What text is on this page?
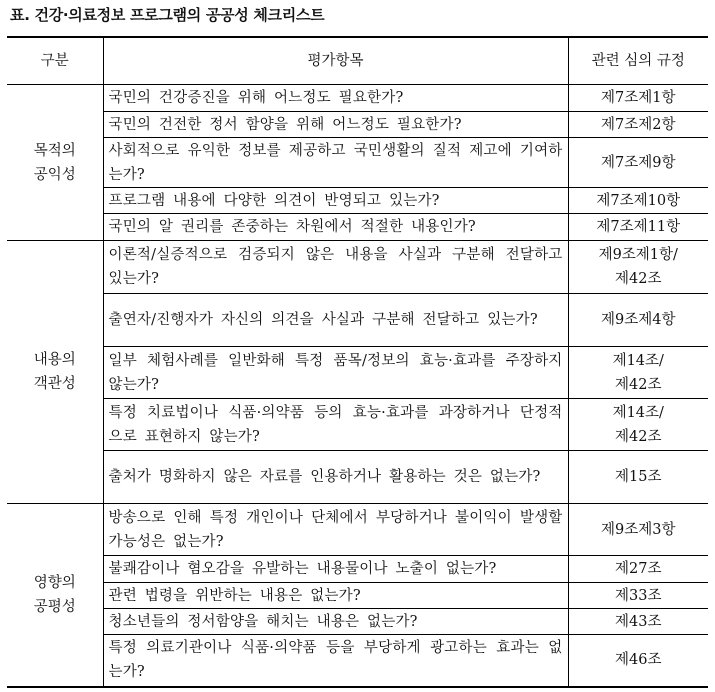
표. 건강·의료정보 프로그램의 공공성 체크리스트
구분	평가항목	관련 심의 규정
목적의
공익성	국민의 건강증진을 위해 어느정도 필요한가?	제7조제1항
	국민의 건전한 정서 함양을 위해 어느정도 필요한가?	제7조제2항
	사회적으로 유익한 정보를 제공하고 국민생활의 질적 제고에 기여하는가?	제7조제9항
	프로그램 내용에 다양한 의견이 반영되고 있는가?	제7조제10항
	국민의 알 권리를 존중하는 차원에서 적절한 내용인가?	제7조제11항
내용의
객관성	이론적/실증적으로 검증되지 않은 내용을 사실과 구분해 전달하고 있는가?	제9조제1항/
제42조
	출연자/진행자가 자신의 의견을 사실과 구분해 전달하고 있는가?	제9조제4항
	일부 체험사례를 일반화해 특정 품목/정보의 효능·효과를 주장하지 않는가?	제14조/
제42조
	특정 치료법이나 식품·의약품 등의 효능·효과를 과장하거나 단정적으로 표현하지 않는가?	제14조/
제42조
	출처가 명화하지 않은 자료를 인용하거나 활용하는 것은 없는가?	제15조
영향의
공평성	방송으로 인해 특정 개인이나 단체에서 부당하거나 불이익이 발생할 가능성은 없는가?	제9조제3항
	불쾌감이나 혐오감을 유발하는 내용물이나 노출이 없는가?	제27조
	관련 법령을 위반하는 내용은 없는가?	제33조
	청소년들의 정서함양을 해치는 내용은 없는가?	제43조
	특정 의료기관이나 식품·의약품 등을 부당하게 광고하는 효과는 없는가?	제46조
